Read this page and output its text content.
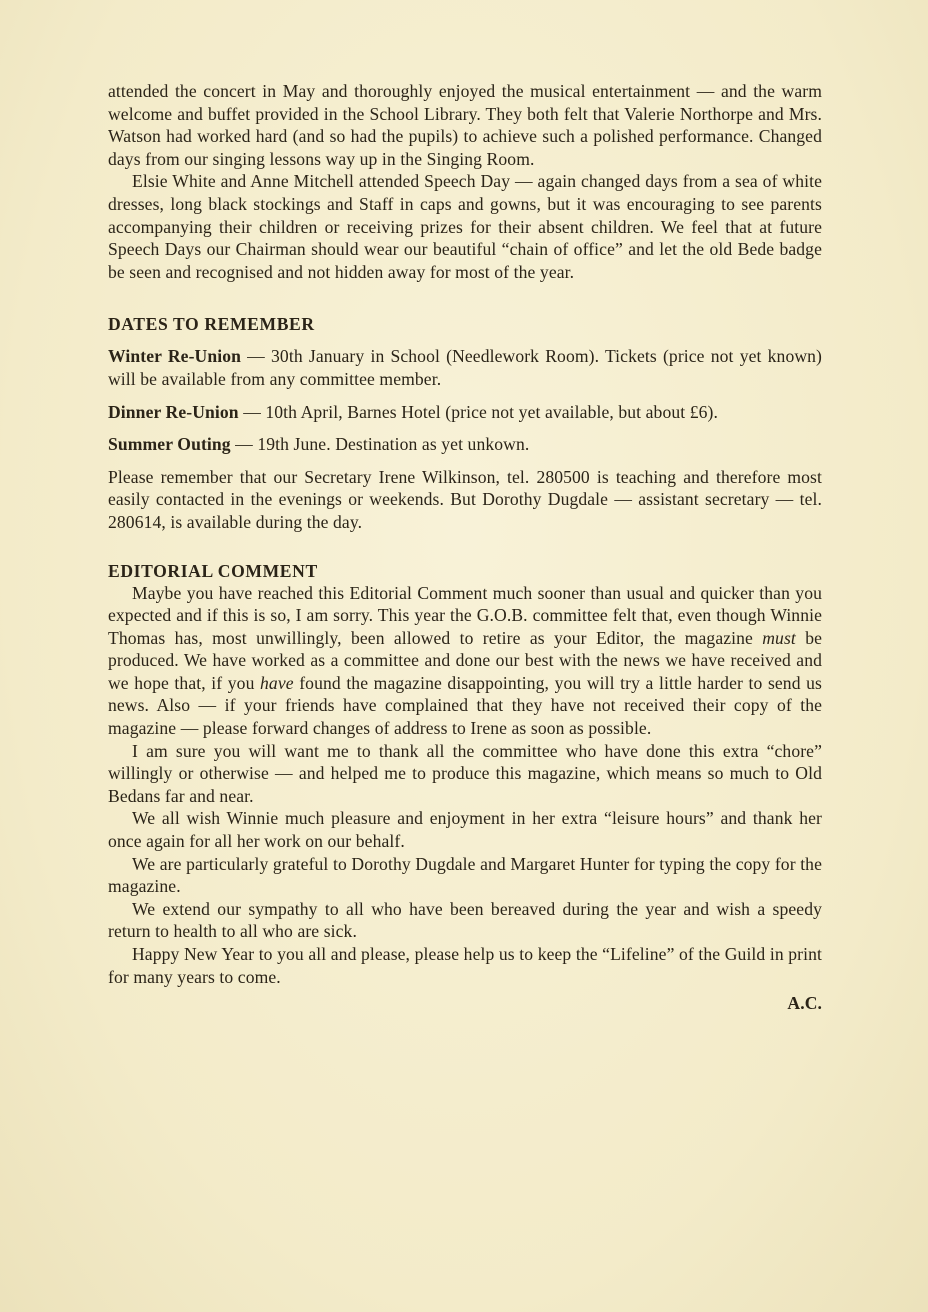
attended the concert in May and thoroughly enjoyed the musical entertainment — and the warm welcome and buffet provided in the School Library. They both felt that Valerie Northorpe and Mrs. Watson had worked hard (and so had the pupils) to achieve such a polished performance. Changed days from our singing lessons way up in the Singing Room.

Elsie White and Anne Mitchell attended Speech Day — again changed days from a sea of white dresses, long black stockings and Staff in caps and gowns, but it was encouraging to see parents accompanying their children or receiving prizes for their absent children. We feel that at future Speech Days our Chairman should wear our beautiful “chain of office” and let the old Bede badge be seen and recognised and not hidden away for most of the year.

DATES TO REMEMBER

Winter Re-Union — 30th January in School (Needlework Room). Tickets (price not yet known) will be available from any committee member.

Dinner Re-Union — 10th April, Barnes Hotel (price not yet available, but about £6).

Summer Outing — 19th June. Destination as yet unkown.

Please remember that our Secretary Irene Wilkinson, tel. 280500 is teaching and therefore most easily contacted in the evenings or weekends. But Dorothy Dugdale — assistant secretary — tel. 280614, is available during the day.

EDITORIAL COMMENT

Maybe you have reached this Editorial Comment much sooner than usual and quicker than you expected and if this is so, I am sorry. This year the G.O.B. committee felt that, even though Winnie Thomas has, most unwillingly, been allowed to retire as your Editor, the magazine must be produced. We have worked as a committee and done our best with the news we have received and we hope that, if you have found the magazine disappointing, you will try a little harder to send us news. Also — if your friends have complained that they have not received their copy of the magazine — please forward changes of address to Irene as soon as possible.

I am sure you will want me to thank all the committee who have done this extra “chore” willingly or otherwise — and helped me to produce this magazine, which means so much to Old Bedans far and near.

We all wish Winnie much pleasure and enjoyment in her extra “leisure hours” and thank her once again for all her work on our behalf.

We are particularly grateful to Dorothy Dugdale and Margaret Hunter for typing the copy for the magazine.

We extend our sympathy to all who have been bereaved during the year and wish a speedy return to health to all who are sick.

Happy New Year to you all and please, please help us to keep the “Lifeline” of the Guild in print for many years to come.

A.C.
